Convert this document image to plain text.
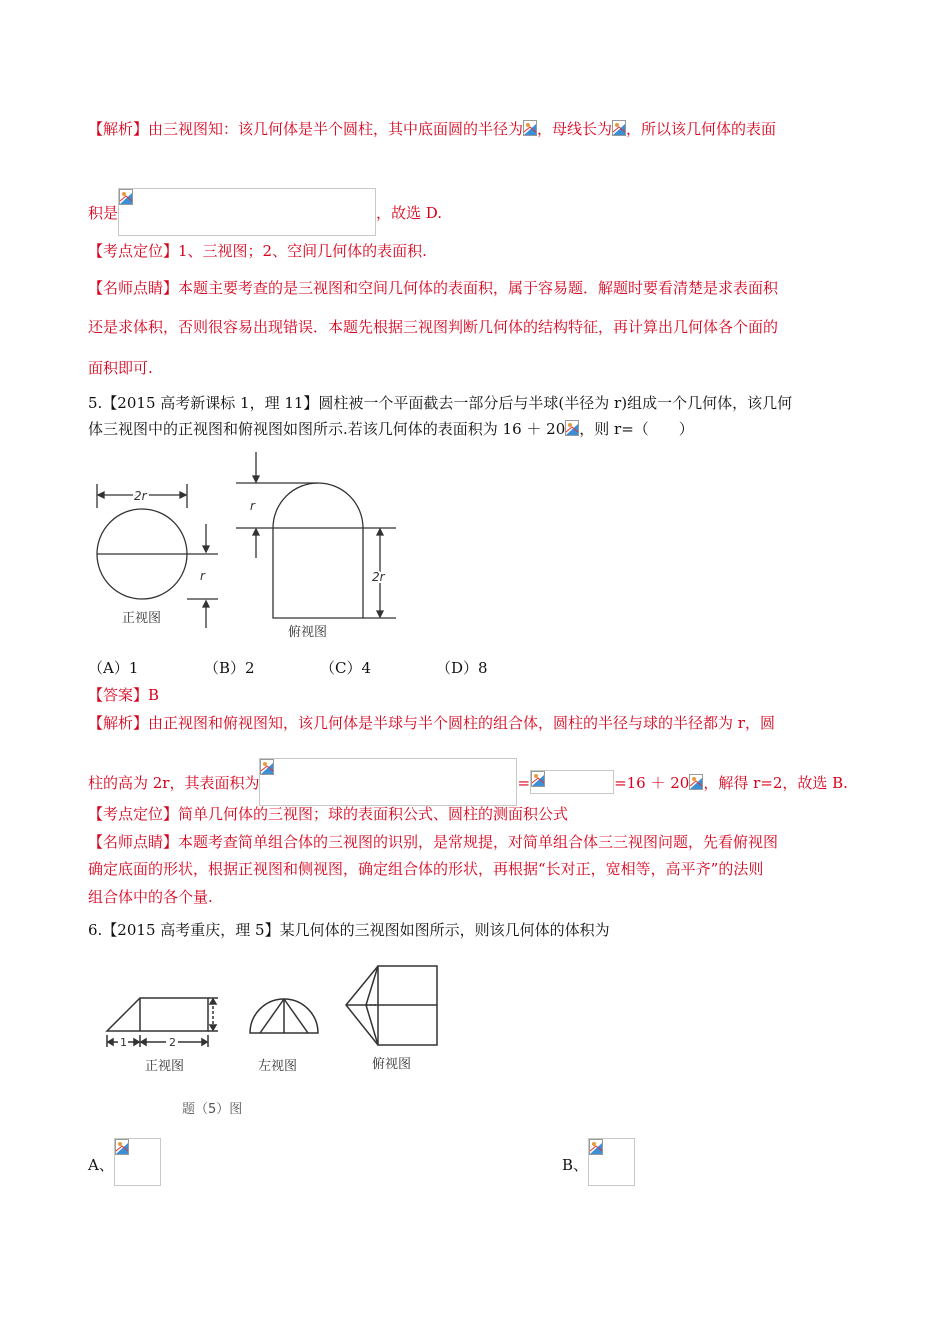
【解析】由三视图知：该几何体是半个圆柱，其中底面圆的半径为 ，母线长为 ，所以该几何体的表面
积是	，故选 D.
【考点定位】1、三视图；2、空间几何体的表面积.
【名师点睛】本题主要考查的是三视图和空间几何体的表面积，属于容易题．解题时要看清楚是求表面积
还是求体积，否则很容易出现错误．本题先根据三视图判断几何体的结构特征，再计算出几何体各个面的
面积即可.
5.【2015 高考新课标 1，理 11】圆柱被一个平面截去一部分后与半球(半径为 r)组成一个几何体，该几何
体三视图中的正视图和俯视图如图所示.若该几何体的表面积为 16 ＋ 20 ，则 r=（　　）
2r
r
r
2r
正视图
俯视图
（A）1	（B）2	（C）4	（D）8
【答案】B
【解析】由正视图和俯视图知，该几何体是半球与半个圆柱的组合体，圆柱的半径与球的半径都为 r，圆
柱的高为 2r，其表面积为	=	=16 ＋ 20 ，解得 r=2，故选 B.
【考点定位】简单几何体的三视图；球的表面积公式、圆柱的测面积公式
【名师点睛】本题考查简单组合体的三视图的识别，是常规提，对简单组合体三三视图问题，先看俯视图
确定底面的形状，根据正视图和侧视图，确定组合体的形状，再根据“长对正，宽相等，高平齐”的法则
组合体中的各个量.
6.【2015 高考重庆，理 5】某几何体的三视图如图所示，则该几何体的体积为
1	2
正视图	左视图	俯视图
题（5）图
A、	B、
